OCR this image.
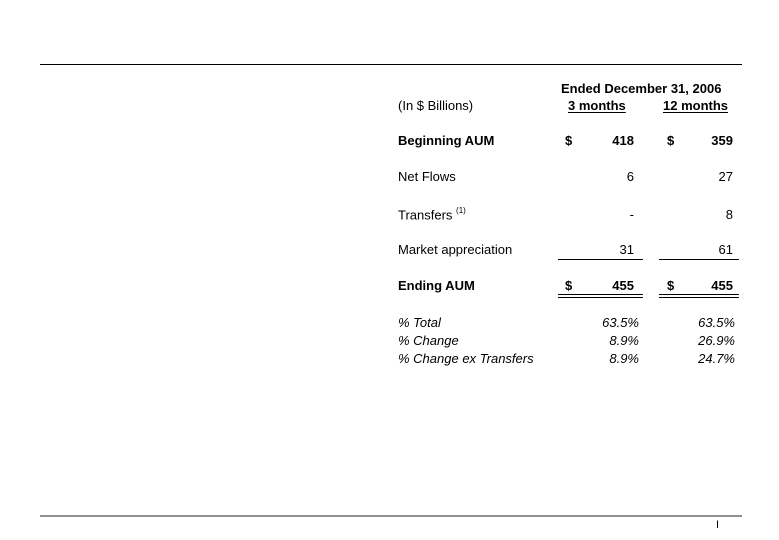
Ended December 31, 2006
(In $ Billions)	3 months	12 months
Beginning AUM	$	418	$	359
Net Flows	6	27
Transfers $^{(1)}$	-	8
Market appreciation	31	61
Ending AUM	$	455	$	455
% Total	63.5%	63.5%
% Change	8.9%	26.9%
% Change ex Transfers	8.9%	24.7%
I
